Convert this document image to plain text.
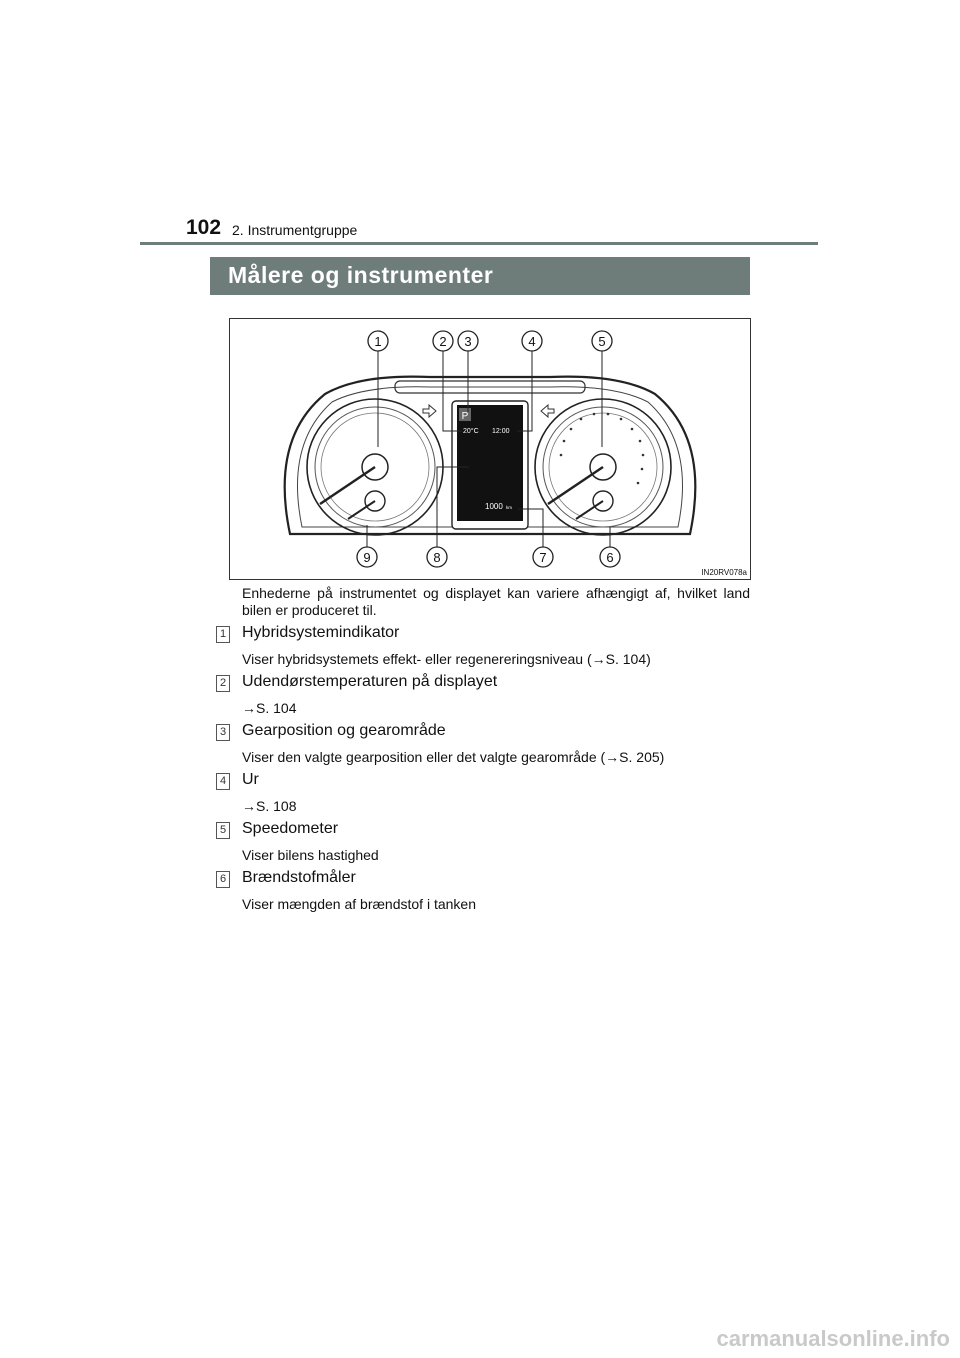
102 2. Instrumentgruppe
Målere og instrumenter
P
20°C 12:00
1000 km
1	2 3	4	5
9	8	7	6
IN20RV078a
Enhederne på instrumentet og displayet kan variere afhængigt af, hvilket land bilen er produceret til.
1 Hybridsystemindikator
Viser hybridsystemets effekt- eller regenereringsniveau (→S. 104)
2 Udendørstemperaturen på displayet
→S. 104
3 Gearposition og gearområde
Viser den valgte gearposition eller det valgte gearområde (→S. 205)
4 Ur
→S. 108
5 Speedometer
Viser bilens hastighed
6 Brændstofmåler
Viser mængden af brændstof i tanken
carmanualsonline.info
